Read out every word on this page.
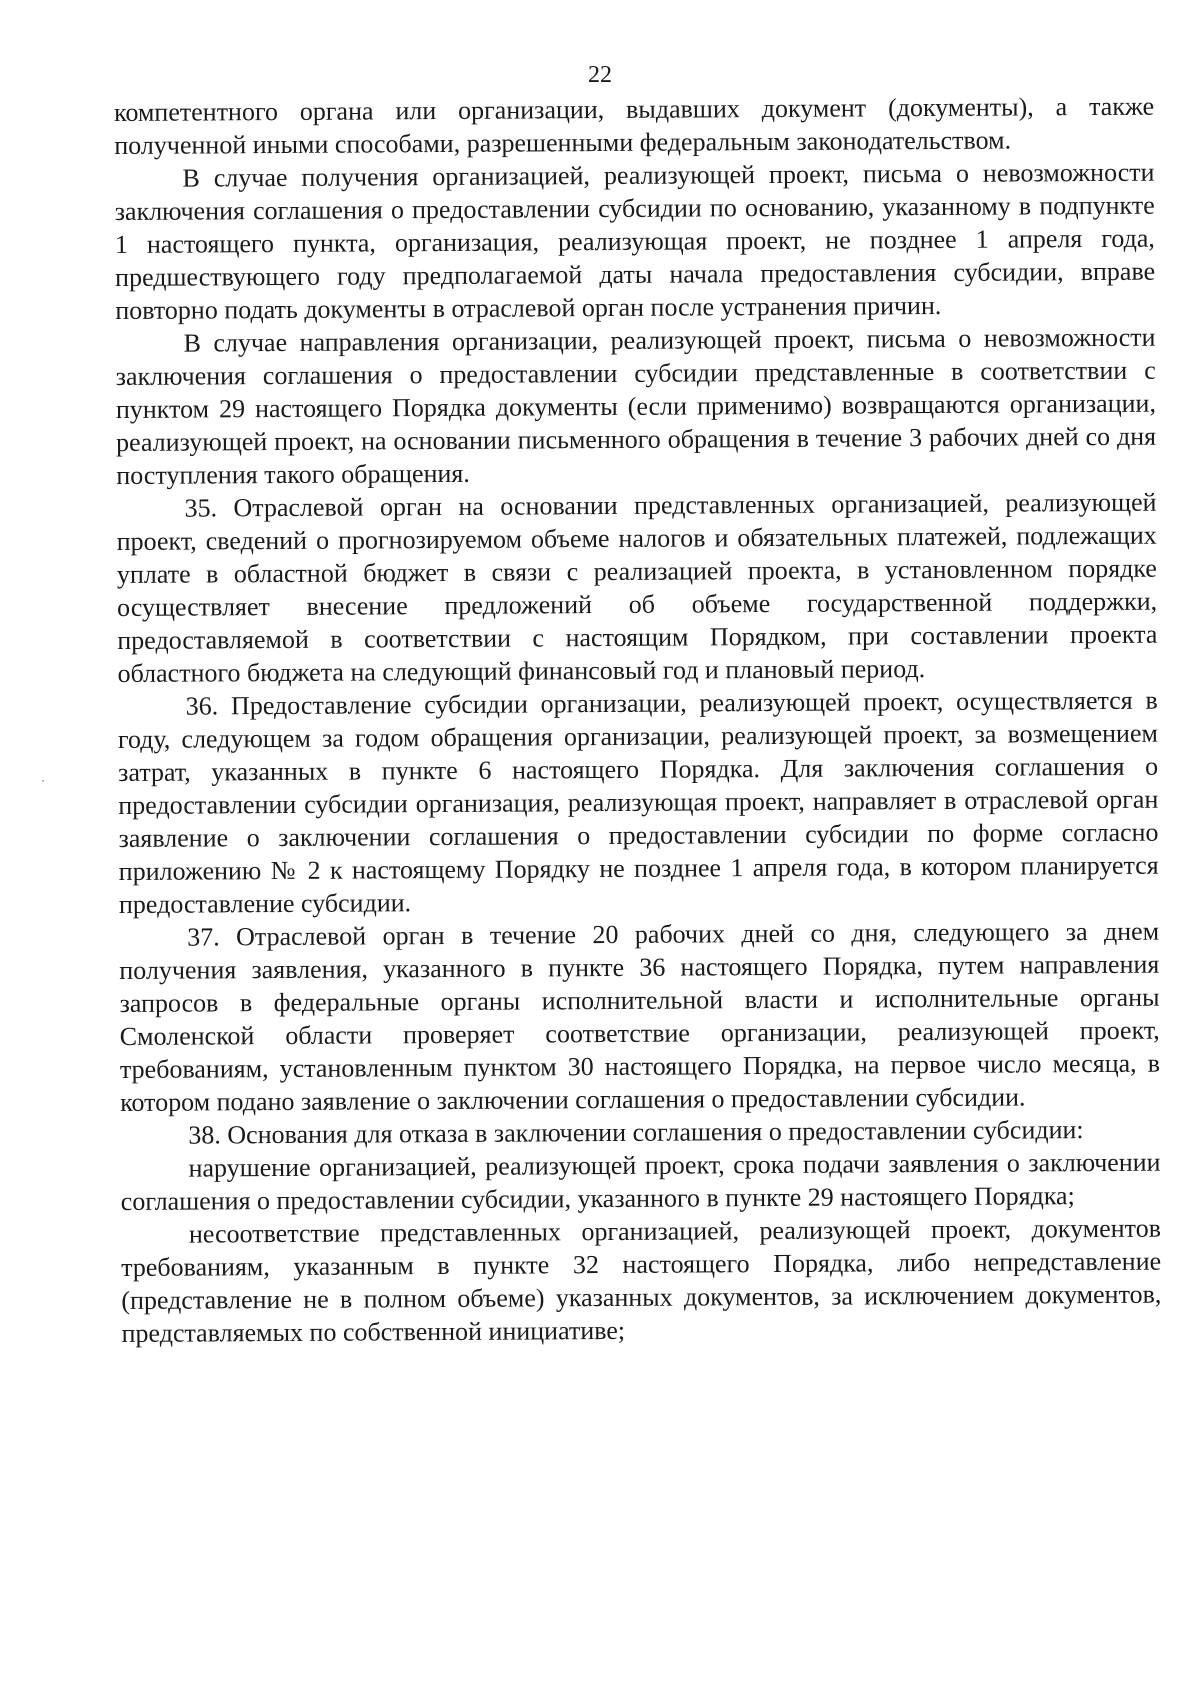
22

компетентного органа или организации, выдавших документ (документы), а также полученной иными способами, разрешенными федеральным законодательством.

В случае получения организацией, реализующей проект, письма о невозможности заключения соглашения о предоставлении субсидии по основанию, указанному в подпункте 1 настоящего пункта, организация, реализующая проект, не позднее 1 апреля года, предшествующего году предполагаемой даты начала предоставления субсидии, вправе повторно подать документы в отраслевой орган после устранения причин.

В случае направления организации, реализующей проект, письма о невозможности заключения соглашения о предоставлении субсидии представленные в соответствии с пунктом 29 настоящего Порядка документы (если применимо) возвращаются организации, реализующей проект, на основании письменного обращения в течение 3 рабочих дней со дня поступления такого обращения.

35. Отраслевой орган на основании представленных организацией, реализующей проект, сведений о прогнозируемом объеме налогов и обязательных платежей, подлежащих уплате в областной бюджет в связи с реализацией проекта, в установленном порядке осуществляет внесение предложений об объеме государственной поддержки, предоставляемой в соответствии с настоящим Порядком, при составлении проекта областного бюджета на следующий финансовый год и плановый период.

36. Предоставление субсидии организации, реализующей проект, осуществляется в году, следующем за годом обращения организации, реализующей проект, за возмещением затрат, указанных в пункте 6 настоящего Порядка. Для заключения соглашения о предоставлении субсидии организация, реализующая проект, направляет в отраслевой орган заявление о заключении соглашения о предоставлении субсидии по форме согласно приложению № 2 к настоящему Порядку не позднее 1 апреля года, в котором планируется предоставление субсидии.

37. Отраслевой орган в течение 20 рабочих дней со дня, следующего за днем получения заявления, указанного в пункте 36 настоящего Порядка, путем направления запросов в федеральные органы исполнительной власти и исполнительные органы Смоленской области проверяет соответствие организации, реализующей проект, требованиям, установленным пунктом 30 настоящего Порядка, на первое число месяца, в котором подано заявление о заключении соглашения о предоставлении субсидии.

38. Основания для отказа в заключении соглашения о предоставлении субсидии:

нарушение организацией, реализующей проект, срока подачи заявления о заключении соглашения о предоставлении субсидии, указанного в пункте 29 настоящего Порядка;

несоответствие представленных организацией, реализующей проект, документов требованиям, указанным в пункте 32 настоящего Порядка, либо непредставление (представление не в полном объеме) указанных документов, за исключением документов, представляемых по собственной инициативе;
